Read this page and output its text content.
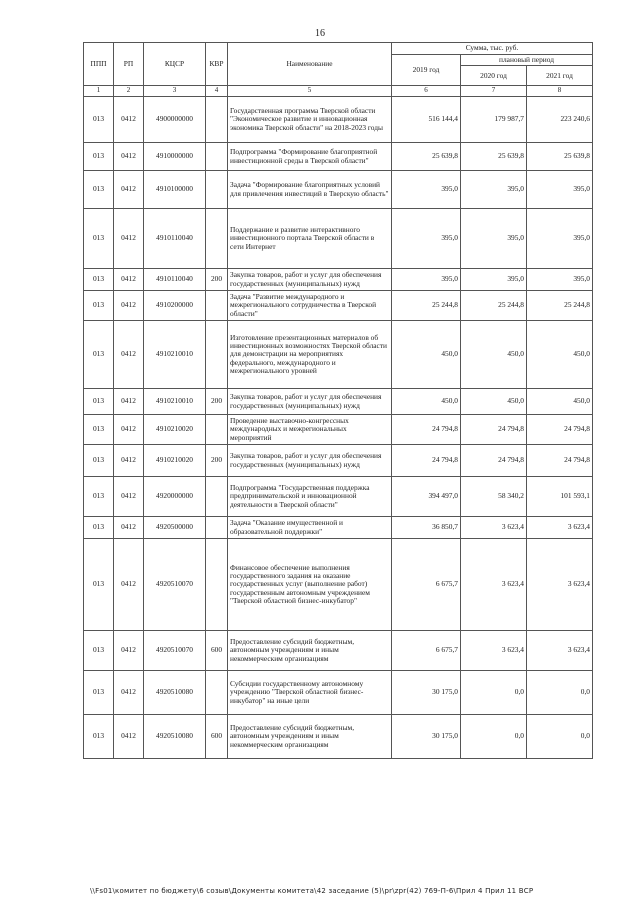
16
ППП	РП	КЦСР	КВР	Наименование	Сумма, тыс. руб.		
					2019 год	плановый период	
						2020 год	2021 год
1	2	3	4	5	6	7	8
013	0412	4900000000		Государственная программа Тверской области "Экономическое развитие и инновационная экономика Тверской области" на 2018-2023 годы	516 144,4	179 987,7	223 240,6
013	0412	4910000000		Подпрограмма "Формирование благоприятной инвестиционной среды в Тверской области"	25 639,8	25 639,8	25 639,8
013	0412	4910100000		Задача "Формирование благоприятных условий для привлечения инвестиций в Тверскую область"	395,0	395,0	395,0
013	0412	4910110040		Поддержание и развитие интерактивного инвестиционного портала Тверской области в сети Интернет	395,0	395,0	395,0
013	0412	4910110040	200	Закупка товаров, работ и услуг для обеспечения государственных (муниципальных) нужд	395,0	395,0	395,0
013	0412	4910200000		Задача "Развитие международного и межрегионального сотрудничества в Тверской области"	25 244,8	25 244,8	25 244,8
013	0412	4910210010		Изготовление презентационных материалов об инвестиционных возможностях Тверской области для демонстрации на мероприятиях федерального, международного и межрегионального уровней	450,0	450,0	450,0
013	0412	4910210010	200	Закупка товаров, работ и услуг для обеспечения государственных (муниципальных) нужд	450,0	450,0	450,0
013	0412	4910210020		Проведение выставочно-конгрессных международных и межрегиональных мероприятий	24 794,8	24 794,8	24 794,8
013	0412	4910210020	200	Закупка товаров, работ и услуг для обеспечения государственных (муниципальных) нужд	24 794,8	24 794,8	24 794,8
013	0412	4920000000		Подпрограмма "Государственная поддержка предпринимательской и инновационной деятельности в Тверской области"	394 497,0	58 340,2	101 593,1
013	0412	4920500000		Задача "Оказание имущественной и образовательной поддержки"	36 850,7	3 623,4	3 623,4
013	0412	4920510070		Финансовое обеспечение выполнения государственного задания на оказание государственных услуг (выполнение работ) государственным автономным учреждением "Тверской областной бизнес-инкубатор"	6 675,7	3 623,4	3 623,4
013	0412	4920510070	600	Предоставление субсидий бюджетным, автономным учреждениям и иным некоммерческим организациям	6 675,7	3 623,4	3 623,4
013	0412	4920510080		Субсидии государственному автономному учреждению "Тверской областной бизнес-инкубатор" на иные цели	30 175,0	0,0	0,0
013	0412	4920510080	600	Предоставление субсидий бюджетным, автономным учреждениям и иным некоммерческим организациям	30 175,0	0,0	0,0
\\Fs01\комитет по бюджету\6 созыв\Документы комитета\42 заседание (5)\pr\zpr(42) 769-П-6\Прил 4 Прил 11 ВСР
